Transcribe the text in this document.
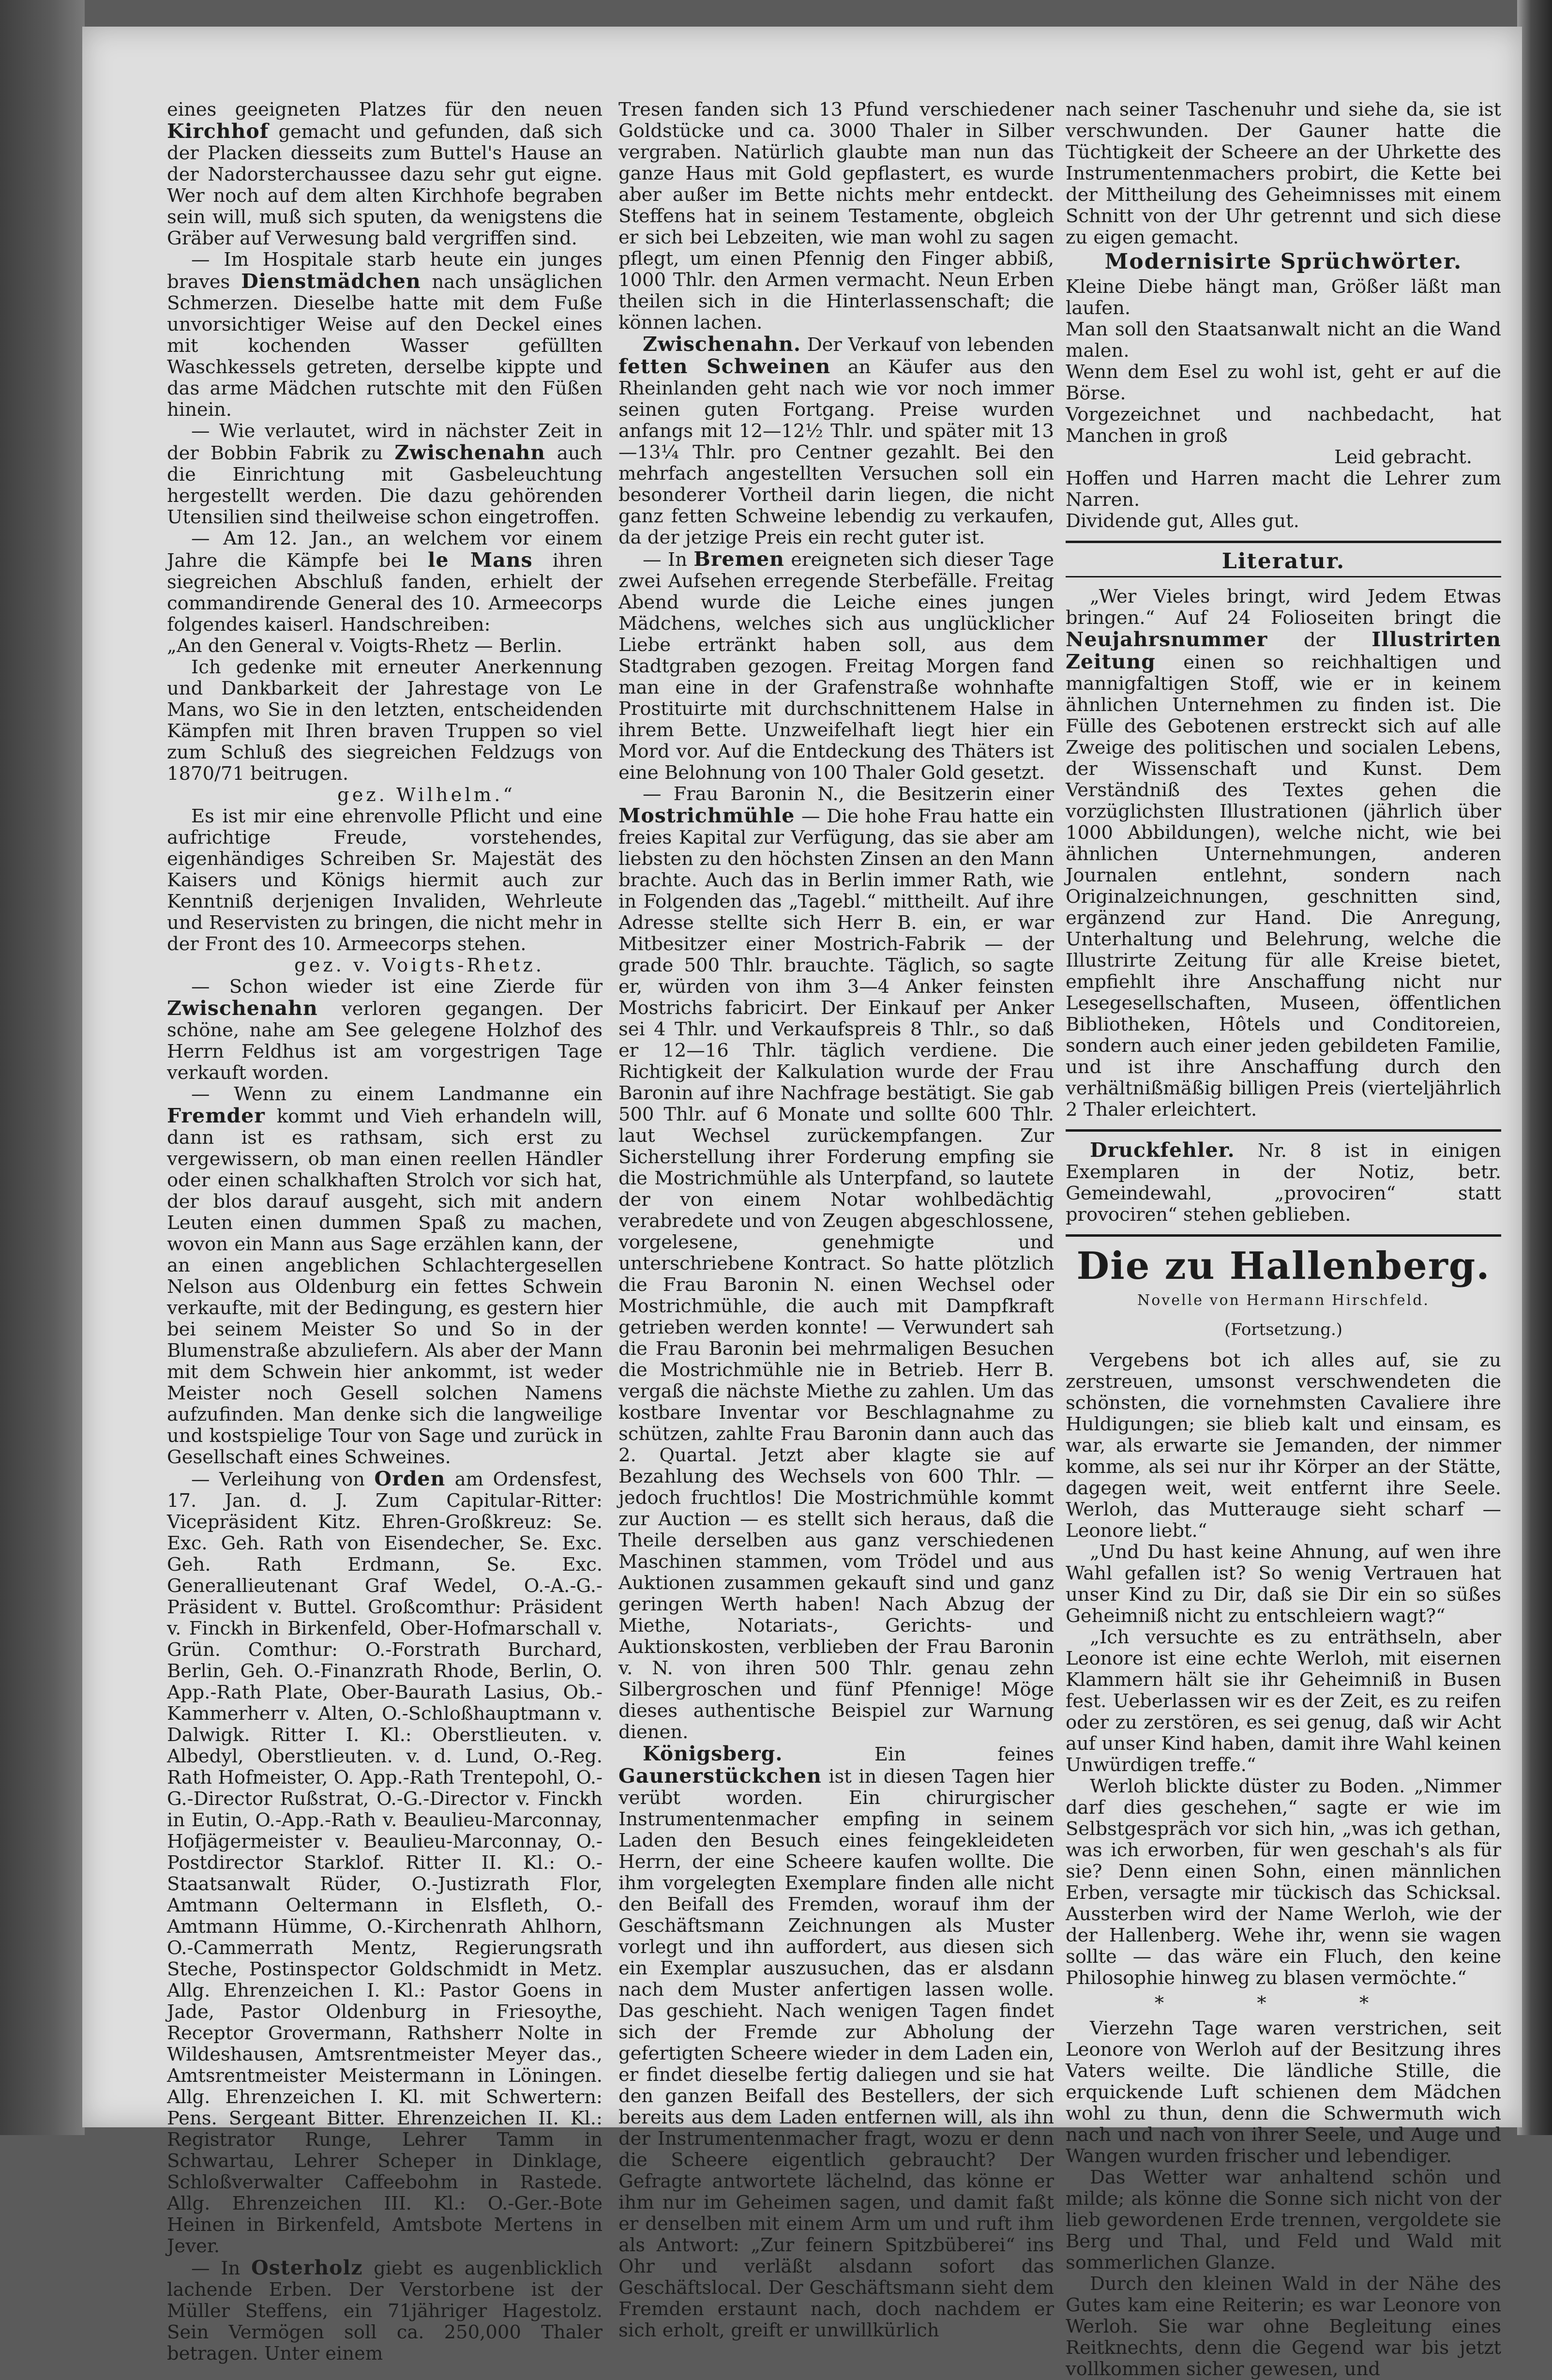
eines geeigneten Platzes für den neuen Kirchhof gemacht und gefunden, daß sich der Placken diesseits zum Buttel's Hause an der Nadorsterchaussee dazu sehr gut eigne. Wer noch auf dem alten Kirchhofe begraben sein will, muß sich sputen, da wenigstens die Gräber auf Verwesung bald vergriffen sind.

— Im Hospitale starb heute ein junges braves Dienstmädchen nach unsäglichen Schmerzen. Dieselbe hatte mit dem Fuße unvorsichtiger Weise auf den Deckel eines mit kochenden Wasser gefüllten Waschkessels getreten, derselbe kippte und das arme Mädchen rutschte mit den Füßen hinein.

— Wie verlautet, wird in nächster Zeit in der Bobbin Fabrik zu Zwischenahn auch die Einrichtung mit Gasbeleuchtung hergestellt werden. Die dazu gehörenden Utensilien sind theilweise schon eingetroffen.

— Am 12. Jan., an welchem vor einem Jahre die Kämpfe bei le Mans ihren siegreichen Abschluß fanden, erhielt der commandirende General des 10. Armeecorps folgendes kaiserl. Handschreiben:

„An den General v. Voigts-Rhetz — Berlin.

Ich gedenke mit erneuter Anerkennung und Dankbarkeit der Jahrestage von Le Mans, wo Sie in den letzten, entscheidenden Kämpfen mit Ihren braven Truppen so viel zum Schluß des siegreichen Feldzugs von 1870/71 beitrugen.

gez. Wilhelm.“

Es ist mir eine ehrenvolle Pflicht und eine aufrichtige Freude, vorstehendes, eigenhändiges Schreiben Sr. Majestät des Kaisers und Königs hiermit auch zur Kenntniß derjenigen Invaliden, Wehrleute und Reservisten zu bringen, die nicht mehr in der Front des 10. Armeecorps stehen.

gez. v. Voigts-Rhetz.

— Schon wieder ist eine Zierde für Zwischenahn verloren gegangen. Der schöne, nahe am See gelegene Holzhof des Herrn Feldhus ist am vorgestrigen Tage verkauft worden.

— Wenn zu einem Landmanne ein Fremder kommt und Vieh erhandeln will, dann ist es rathsam, sich erst zu vergewissern, ob man einen reellen Händler oder einen schalkhaften Strolch vor sich hat, der blos darauf ausgeht, sich mit andern Leuten einen dummen Spaß zu machen, wovon ein Mann aus Sage erzählen kann, der an einen angeblichen Schlachtergesellen Nelson aus Oldenburg ein fettes Schwein verkaufte, mit der Bedingung, es gestern hier bei seinem Meister So und So in der Blumenstraße abzuliefern. Als aber der Mann mit dem Schwein hier ankommt, ist weder Meister noch Gesell solchen Namens aufzufinden. Man denke sich die langweilige und kostspielige Tour von Sage und zurück in Gesellschaft eines Schweines.

— Verleihung von Orden am Ordensfest, 17. Jan. d. J. Zum Capitular-Ritter: Vicepräsident Kitz. Ehren-Großkreuz: Se. Exc. Geh. Rath von Eisendecher, Se. Exc. Geh. Rath Erdmann, Se. Exc. Generallieutenant Graf Wedel, O.-A.-G.-Präsident v. Buttel. Großcomthur: Präsident v. Finckh in Birkenfeld, Ober-Hofmarschall v. Grün. Comthur: O.-Forstrath Burchard, Berlin, Geh. O.-Finanzrath Rhode, Berlin, O. App.-Rath Plate, Ober-Baurath Lasius, Ob.-Kammerherr v. Alten, O.-Schloßhauptmann v. Dalwigk. Ritter I. Kl.: Oberstlieuten. v. Albedyl, Oberstlieuten. v. d. Lund, O.-Reg. Rath Hofmeister, O. App.-Rath Trentepohl, O.-G.-Director Rußstrat, O.-G.-Director v. Finckh in Eutin, O.-App.-Rath v. Beaulieu-Marconnay, Hofjägermeister v. Beaulieu-Marconnay, O.-Postdirector Starklof. Ritter II. Kl.: O.-Staatsanwalt Rüder, O.-Justizrath Flor, Amtmann Oeltermann in Elsfleth, O.-Amtmann Hümme, O.-Kirchenrath Ahlhorn, O.-Cammerrath Mentz, Regierungsrath Steche, Postinspector Goldschmidt in Metz. Allg. Ehrenzeichen I. Kl.: Pastor Goens in Jade, Pastor Oldenburg in Friesoythe, Receptor Grovermann, Rathsherr Nolte in Wildeshausen, Amtsrentmeister Meyer das., Amtsrentmeister Meistermann in Löningen. Allg. Ehrenzeichen I. Kl. mit Schwertern: Pens. Sergeant Bitter. Ehrenzeichen II. Kl.: Registrator Runge, Lehrer Tamm in Schwartau, Lehrer Scheper in Dinklage, Schloßverwalter Caffeebohm in Rastede. Allg. Ehrenzeichen III. Kl.: O.-Ger.-Bote Heinen in Birkenfeld, Amtsbote Mertens in Jever.

— In Osterholz giebt es augenblicklich lachende Erben. Der Verstorbene ist der Müller Steffens, ein 71jähriger Hagestolz. Sein Vermögen soll ca. 250,000 Thaler betragen. Unter einem

Tresen fanden sich 13 Pfund verschiedener Goldstücke und ca. 3000 Thaler in Silber vergraben. Natürlich glaubte man nun das ganze Haus mit Gold gepflastert, es wurde aber außer im Bette nichts mehr entdeckt. Steffens hat in seinem Testamente, obgleich er sich bei Lebzeiten, wie man wohl zu sagen pflegt, um einen Pfennig den Finger abbiß, 1000 Thlr. den Armen vermacht. Neun Erben theilen sich in die Hinterlassenschaft; die können lachen.

Zwischenahn. Der Verkauf von lebenden fetten Schweinen an Käufer aus den Rheinlanden geht nach wie vor noch immer seinen guten Fortgang. Preise wurden anfangs mit 12—12½ Thlr. und später mit 13—13¼ Thlr. pro Centner gezahlt. Bei den mehrfach angestellten Versuchen soll ein besonderer Vortheil darin liegen, die nicht ganz fetten Schweine lebendig zu verkaufen, da der jetzige Preis ein recht guter ist.

— In Bremen ereigneten sich dieser Tage zwei Aufsehen erregende Sterbefälle. Freitag Abend wurde die Leiche eines jungen Mädchens, welches sich aus unglücklicher Liebe ertränkt haben soll, aus dem Stadtgraben gezogen. Freitag Morgen fand man eine in der Grafenstraße wohnhafte Prostituirte mit durchschnittenem Halse in ihrem Bette. Unzweifelhaft liegt hier ein Mord vor. Auf die Entdeckung des Thäters ist eine Belohnung von 100 Thaler Gold gesetzt.

— Frau Baronin N., die Besitzerin einer Mostrichmühle — Die hohe Frau hatte ein freies Kapital zur Verfügung, das sie aber am liebsten zu den höchsten Zinsen an den Mann brachte. Auch das in Berlin immer Rath, wie in Folgenden das „Tagebl.“ mittheilt. Auf ihre Adresse stellte sich Herr B. ein, er war Mitbesitzer einer Mostrich-Fabrik — der grade 500 Thlr. brauchte. Täglich, so sagte er, würden von ihm 3—4 Anker feinsten Mostrichs fabricirt. Der Einkauf per Anker sei 4 Thlr. und Verkaufspreis 8 Thlr., so daß er 12—16 Thlr. täglich verdiene. Die Richtigkeit der Kalkulation wurde der Frau Baronin auf ihre Nachfrage bestätigt. Sie gab 500 Thlr. auf 6 Monate und sollte 600 Thlr. laut Wechsel zurückempfangen. Zur Sicherstellung ihrer Forderung empfing sie die Mostrichmühle als Unterpfand, so lautete der von einem Notar wohlbedächtig verabredete und von Zeugen abgeschlossene, vorgelesene, genehmigte und unterschriebene Kontract. So hatte plötzlich die Frau Baronin N. einen Wechsel oder Mostrichmühle, die auch mit Dampfkraft getrieben werden konnte! — Verwundert sah die Frau Baronin bei mehrmaligen Besuchen die Mostrichmühle nie in Betrieb. Herr B. vergaß die nächste Miethe zu zahlen. Um das kostbare Inventar vor Beschlagnahme zu schützen, zahlte Frau Baronin dann auch das 2. Quartal. Jetzt aber klagte sie auf Bezahlung des Wechsels von 600 Thlr. — jedoch fruchtlos! Die Mostrichmühle kommt zur Auction — es stellt sich heraus, daß die Theile derselben aus ganz verschiedenen Maschinen stammen, vom Trödel und aus Auktionen zusammen gekauft sind und ganz geringen Werth haben! Nach Abzug der Miethe, Notariats-, Gerichts- und Auktionskosten, verblieben der Frau Baronin v. N. von ihren 500 Thlr. genau zehn Silbergroschen und fünf Pfennige! Möge dieses authentische Beispiel zur Warnung dienen.

Königsberg.	Ein feines Gaunerstückchen ist in diesen Tagen hier verübt worden. Ein chirurgischer Instrumentenmacher empfing in seinem Laden den Besuch eines feingekleideten Herrn, der eine Scheere kaufen wollte. Die ihm vorgelegten Exemplare finden alle nicht den Beifall des Fremden, worauf ihm der Geschäftsmann Zeichnungen als Muster vorlegt und ihn auffordert, aus diesen sich ein Exemplar auszusuchen, das er alsdann nach dem Muster anfertigen lassen wolle. Das geschieht. Nach wenigen Tagen findet sich der Fremde zur Abholung der gefertigten Scheere wieder in dem Laden ein, er findet dieselbe fertig daliegen und sie hat den ganzen Beifall des Bestellers, der sich bereits aus dem Laden entfernen will, als ihn der Instrumentenmacher fragt, wozu er denn die Scheere eigentlich gebraucht? Der Gefragte antwortete lächelnd, das könne er ihm nur im Geheimen sagen, und damit faßt er denselben mit einem Arm um und ruft ihm als Antwort: „Zur feinern Spitzbüberei“ ins Ohr und verläßt alsdann sofort das Geschäftslocal. Der Geschäftsmann sieht dem Fremden erstaunt nach, doch nachdem er sich erholt, greift er unwillkürlich

nach seiner Taschenuhr und siehe da, sie ist verschwunden. Der Gauner hatte die Tüchtigkeit der Scheere an der Uhrkette des Instrumentenmachers probirt, die Kette bei der Mittheilung des Geheimnisses mit einem Schnitt von der Uhr getrennt und sich diese zu eigen gemacht.

Modernisirte Sprüchwörter.

Kleine Diebe hängt man, Größer läßt man laufen.

Man soll den Staatsanwalt nicht an die Wand malen.

Wenn dem Esel zu wohl ist, geht er auf die Börse.

Vorgezeichnet und nachbedacht, hat Manchen in groß

Leid gebracht.

Hoffen und Harren macht die Lehrer zum Narren.

Dividende gut, Alles gut.

Literatur.

„Wer Vieles bringt, wird Jedem Etwas bringen.“ Auf 24 Folioseiten bringt die Neujahrsnummer der Illustrirten Zeitung einen so reichhaltigen und mannigfaltigen Stoff, wie er in keinem ähnlichen Unternehmen zu finden ist. Die Fülle des Gebotenen erstreckt sich auf alle Zweige des politischen und socialen Lebens, der Wissenschaft und Kunst. Dem Verständniß des Textes gehen die vorzüglichsten Illustrationen (jährlich über 1000 Abbildungen), welche nicht, wie bei ähnlichen Unternehmungen, anderen Journalen entlehnt, sondern nach Originalzeichnungen, geschnitten sind, ergänzend zur Hand. Die Anregung, Unterhaltung und Belehrung, welche die Illustrirte Zeitung für alle Kreise bietet, empfiehlt ihre Anschaffung nicht nur Lesegesellschaften, Museen, öffentlichen Bibliotheken, Hôtels und Conditoreien, sondern auch einer jeden gebildeten Familie, und ist ihre Anschaffung durch den verhältnißmäßig billigen Preis (vierteljährlich 2 Thaler erleichtert.

Druckfehler. Nr. 8 ist in einigen Exemplaren in der Notiz, betr. Gemeindewahl, „provociren“ statt provociren“ stehen geblieben.

Die zu Hallenberg.
Novelle von Hermann Hirschfeld.
(Fortsetzung.)

Vergebens bot ich alles auf, sie zu zerstreuen, umsonst verschwendeten die schönsten, die vornehmsten Cavaliere ihre Huldigungen; sie blieb kalt und einsam, es war, als erwarte sie Jemanden, der nimmer komme, als sei nur ihr Körper an der Stätte, dagegen weit, weit entfernt ihre Seele. Werloh, das Mutterauge sieht scharf — Leonore liebt.“

„Und Du hast keine Ahnung, auf wen ihre Wahl gefallen ist? So wenig Vertrauen hat unser Kind zu Dir, daß sie Dir ein so süßes Geheimniß nicht zu entschleiern wagt?“

„Ich versuchte es zu enträthseln, aber Leonore ist eine echte Werloh, mit eisernen Klammern hält sie ihr Geheimniß in Busen fest. Ueberlassen wir es der Zeit, es zu reifen oder zu zerstören, es sei genug, daß wir Acht auf unser Kind haben, damit ihre Wahl keinen Unwürdigen treffe.“

Werloh blickte düster zu Boden. „Nimmer darf dies geschehen,“ sagte er wie im Selbstgespräch vor sich hin, „was ich gethan, was ich erworben, für wen geschah's als für sie? Denn einen Sohn, einen männlichen Erben, versagte mir tückisch das Schicksal. Aussterben wird der Name Werloh, wie der der Hallenberg. Wehe ihr, wenn sie wagen sollte — das wäre ein Fluch, den keine Philosophie hinweg zu blasen vermöchte.“

* * *

Vierzehn Tage waren verstrichen, seit Leonore von Werloh auf der Besitzung ihres Vaters weilte. Die ländliche Stille, die erquickende Luft schienen dem Mädchen wohl zu thun, denn die Schwermuth wich nach und nach von ihrer Seele, und Auge und Wangen wurden frischer und lebendiger.

Das Wetter war anhaltend schön und milde; als könne die Sonne sich nicht von der lieb gewordenen Erde trennen, vergoldete sie Berg und Thal, und Feld und Wald mit sommerlichen Glanze.

Durch den kleinen Wald in der Nähe des Gutes kam eine Reiterin; es war Leonore von Werloh. Sie war ohne Begleitung eines Reitknechts, denn die Gegend war bis jetzt vollkommen sicher gewesen, und
